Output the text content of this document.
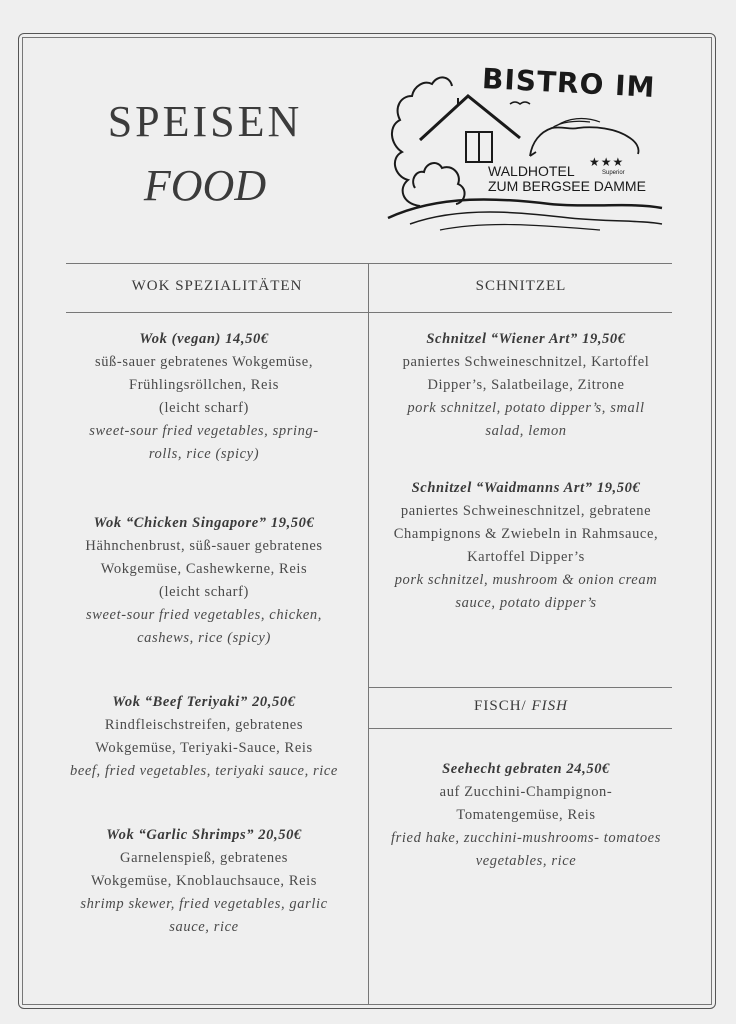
SPEISEN
FOOD
BISTRO IM
★★★
Superior
WALDHOTEL
ZUM BERGSEE DAMME
WOK SPEZIALITÄTEN	SCHNITZEL
FISCH/ FISH
Wok (vegan) 14,50€
süß-sauer gebratenes Wokgemüse,
Frühlingsröllchen, Reis
(leicht scharf)
sweet-sour fried vegetables, spring-
rolls, rice (spicy)
Wok “Chicken Singapore” 19,50€
Hähnchenbrust, süß-sauer gebratenes
Wokgemüse, Cashewkerne, Reis
(leicht scharf)
sweet-sour fried vegetables, chicken,
cashews, rice (spicy)
Wok “Beef Teriyaki” 20,50€
Rindfleischstreifen, gebratenes
Wokgemüse, Teriyaki-Sauce, Reis
beef, fried vegetables, teriyaki sauce, rice
Wok “Garlic Shrimps” 20,50€
Garnelenspieß, gebratenes
Wokgemüse, Knoblauchsauce, Reis
shrimp skewer, fried vegetables, garlic
sauce, rice
Schnitzel “Wiener Art” 19,50€
paniertes Schweineschnitzel, Kartoffel
Dipper’s, Salatbeilage, Zitrone
pork schnitzel, potato dipper’s, small
salad, lemon
Schnitzel “Waidmanns Art” 19,50€
paniertes Schweineschnitzel, gebratene
Champignons & Zwiebeln in Rahmsauce,
Kartoffel Dipper’s
pork schnitzel, mushroom & onion cream
sauce, potato dipper’s
Seehecht gebraten 24,50€
auf Zucchini-Champignon-
Tomatengemüse, Reis
fried hake, zucchini-mushrooms- tomatoes
vegetables, rice
